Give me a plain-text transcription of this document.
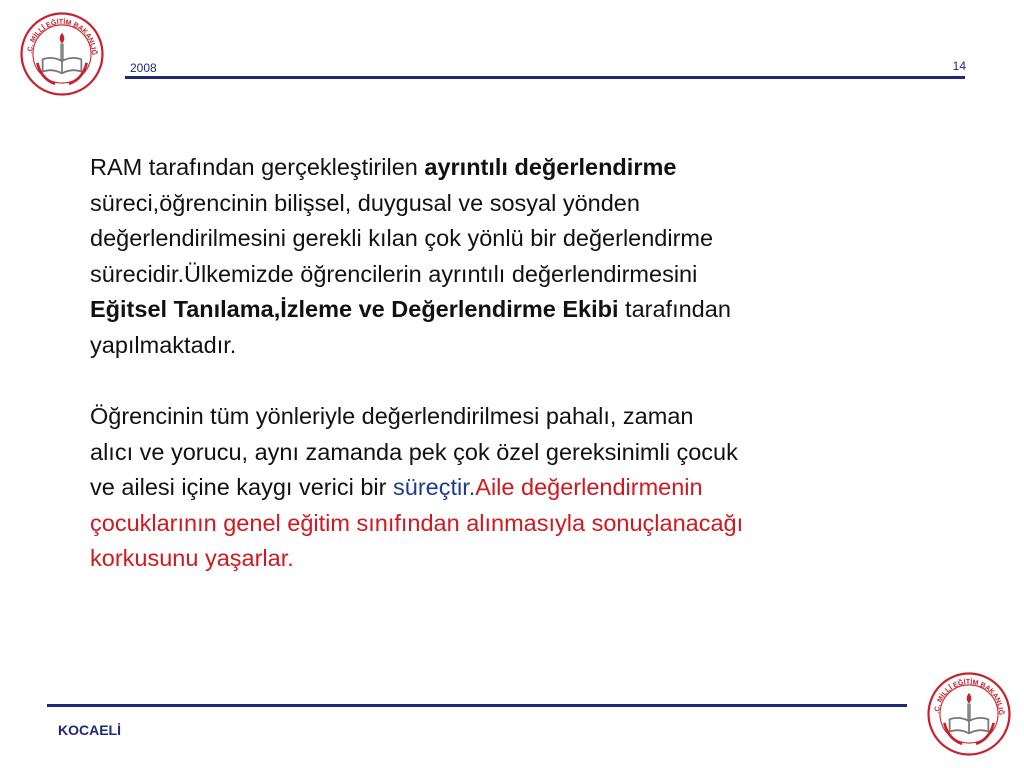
.C. MİLLÎ EĞİTİM BAKANLIĞ
2008	14

RAM tarafından gerçekleştirilen ayrıntılı değerlendirme
süreci,öğrencinin bilişsel, duygusal ve sosyal yönden
değerlendirilmesini gerekli kılan çok yönlü bir değerlendirme
sürecidir.Ülkemizde öğrencilerin ayrıntılı değerlendirmesini
Eğitsel Tanılama,İzleme ve Değerlendirme Ekibi tarafından
yapılmaktadır.

Öğrencinin tüm yönleriyle değerlendirilmesi pahalı, zaman
alıcı ve yorucu, aynı zamanda pek çok özel gereksinimli çocuk
ve ailesi içine kaygı verici bir süreçtir.Aile değerlendirmenin
çocuklarının genel eğitim sınıfından alınmasıyla sonuçlanacağı
korkusunu yaşarlar.

KOCAELİ
.C. MİLLÎ EĞİTİM BAKANLIĞ
